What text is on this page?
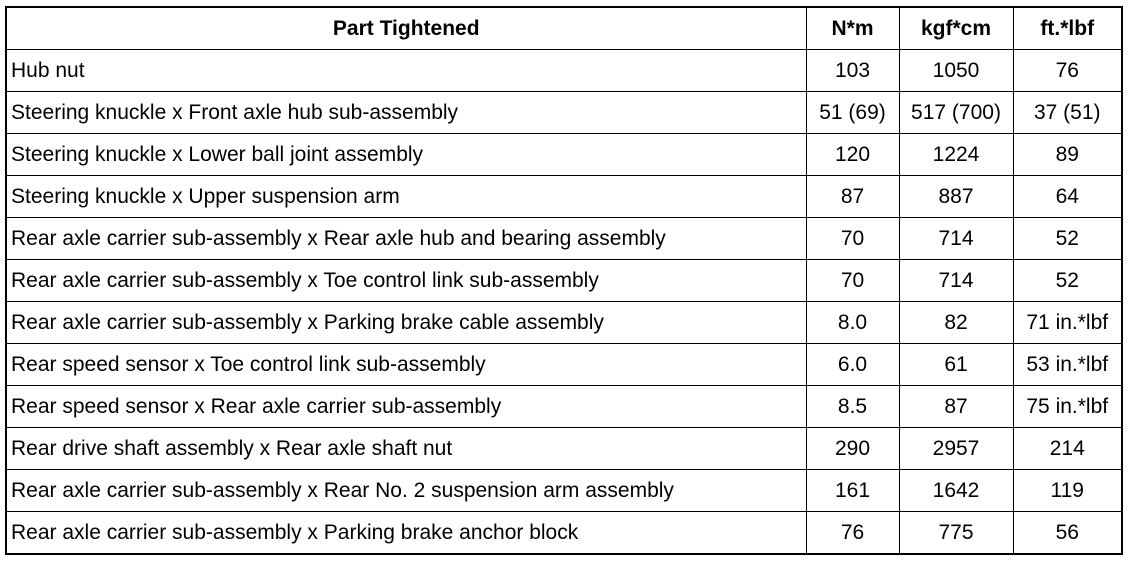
Part Tightened	N*m	kgf*cm	ft.*lbf
Hub nut	103	1050	76
Steering knuckle x Front axle hub sub-assembly	51 (69)	517 (700)	37 (51)
Steering knuckle x Lower ball joint assembly	120	1224	89
Steering knuckle x Upper suspension arm	87	887	64
Rear axle carrier sub-assembly x Rear axle hub and bearing assembly	70	714	52
Rear axle carrier sub-assembly x Toe control link sub-assembly	70	714	52
Rear axle carrier sub-assembly x Parking brake cable assembly	8.0	82	71 in.*lbf
Rear speed sensor x Toe control link sub-assembly	6.0	61	53 in.*lbf
Rear speed sensor x Rear axle carrier sub-assembly	8.5	87	75 in.*lbf
Rear drive shaft assembly x Rear axle shaft nut	290	2957	214
Rear axle carrier sub-assembly x Rear No. 2 suspension arm assembly	161	1642	119
Rear axle carrier sub-assembly x Parking brake anchor block	76	775	56
